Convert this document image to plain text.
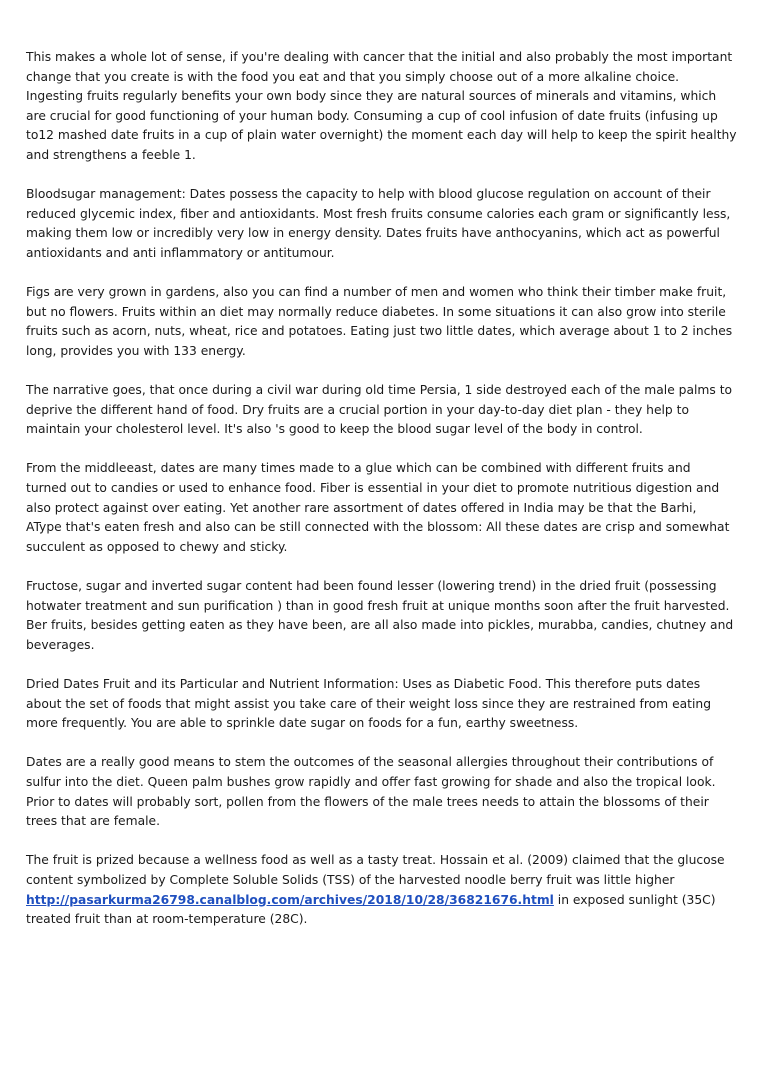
This makes a whole lot of sense, if you're dealing with cancer that the initial and also probably the most important
change that you create is with the food you eat and that you simply choose out of a more alkaline choice.
Ingesting fruits regularly benefits your own body since they are natural sources of minerals and vitamins, which
are crucial for good functioning of your human body. Consuming a cup of cool infusion of date fruits (infusing up
to12 mashed date fruits in a cup of plain water overnight) the moment each day will help to keep the spirit healthy
and strengthens a feeble 1.

Bloodsugar management: Dates possess the capacity to help with blood glucose regulation on account of their
reduced glycemic index, fiber and antioxidants. Most fresh fruits consume calories each gram or significantly less,
making them low or incredibly very low in energy density. Dates fruits have anthocyanins, which act as powerful
antioxidants and anti inflammatory or antitumour.

Figs are very grown in gardens, also you can find a number of men and women who think their timber make fruit,
but no flowers. Fruits within an diet may normally reduce diabetes. In some situations it can also grow into sterile
fruits such as acorn, nuts, wheat, rice and potatoes. Eating just two little dates, which average about 1 to 2 inches
long, provides you with 133 energy.

The narrative goes, that once during a civil war during old time Persia, 1 side destroyed each of the male palms to
deprive the different hand of food. Dry fruits are a crucial portion in your day-to-day diet plan - they help to
maintain your cholesterol level. It's also 's good to keep the blood sugar level of the body in control.

From the middleeast, dates are many times made to a glue which can be combined with different fruits and
turned out to candies or used to enhance food. Fiber is essential in your diet to promote nutritious digestion and
also protect against over eating. Yet another rare assortment of dates offered in India may be that the Barhi,
AType that's eaten fresh and also can be still connected with the blossom: All these dates are crisp and somewhat
succulent as opposed to chewy and sticky.

Fructose, sugar and inverted sugar content had been found lesser (lowering trend) in the dried fruit (possessing
hotwater treatment and sun purification ) than in good fresh fruit at unique months soon after the fruit harvested.
Ber fruits, besides getting eaten as they have been, are all also made into pickles, murabba, candies, chutney and
beverages.

Dried Dates Fruit and its Particular and Nutrient Information: Uses as Diabetic Food. This therefore puts dates
about the set of foods that might assist you take care of their weight loss since they are restrained from eating
more frequently. You are able to sprinkle date sugar on foods for a fun, earthy sweetness.

Dates are a really good means to stem the outcomes of the seasonal allergies throughout their contributions of
sulfur into the diet. Queen palm bushes grow rapidly and offer fast growing for shade and also the tropical look.
Prior to dates will probably sort, pollen from the flowers of the male trees needs to attain the blossoms of their
trees that are female.

The fruit is prized because a wellness food as well as a tasty treat. Hossain et al. (2009) claimed that the glucose
content symbolized by Complete Soluble Solids (TSS) of the harvested noodle berry fruit was little higher
http://pasarkurma26798.canalblog.com/archives/2018/10/28/36821676.html in exposed sunlight (35C)
treated fruit than at room-temperature (28C).
